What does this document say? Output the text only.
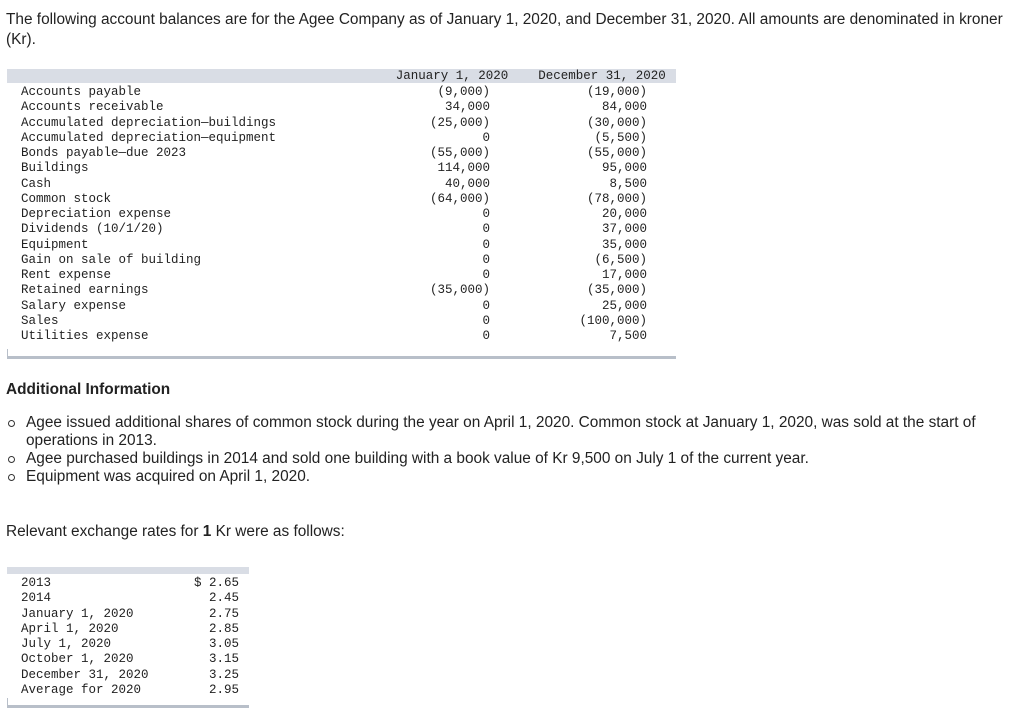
The following account balances are for the Agee Company as of January 1, 2020, and December 31, 2020. All amounts are denominated in kroner (Kr).

January 1, 2020	December 31, 2020
Accounts payable	(9,000)	(19,000)
Accounts receivable	34,000	84,000
Accumulated depreciation—buildings	(25,000)	(30,000)
Accumulated depreciation—equipment	0	(5,500)
Bonds payable—due 2023	(55,000)	(55,000)
Buildings	114,000	95,000
Cash	40,000	8,500
Common stock	(64,000)	(78,000)
Depreciation expense	0	20,000
Dividends (10/1/20)	0	37,000
Equipment	0	35,000
Gain on sale of building	0	(6,500)
Rent expense	0	17,000
Retained earnings	(35,000)	(35,000)
Salary expense	0	25,000
Sales	0	(100,000)
Utilities expense	0	7,500
Additional Information
Agee issued additional shares of common stock during the year on April 1, 2020. Common stock at January 1, 2020, was sold at the start of operations in 2013.
Agee purchased buildings in 2014 and sold one building with a book value of Kr 9,500 on July 1 of the current year.
Equipment was acquired on April 1, 2020.

Relevant exchange rates for 1 Kr were as follows:

2013	$ 2.65
2014	2.45
January 1, 2020	2.75
April 1, 2020	2.85
July 1, 2020	3.05
October 1, 2020	3.15
December 31, 2020	3.25
Average for 2020	2.95
